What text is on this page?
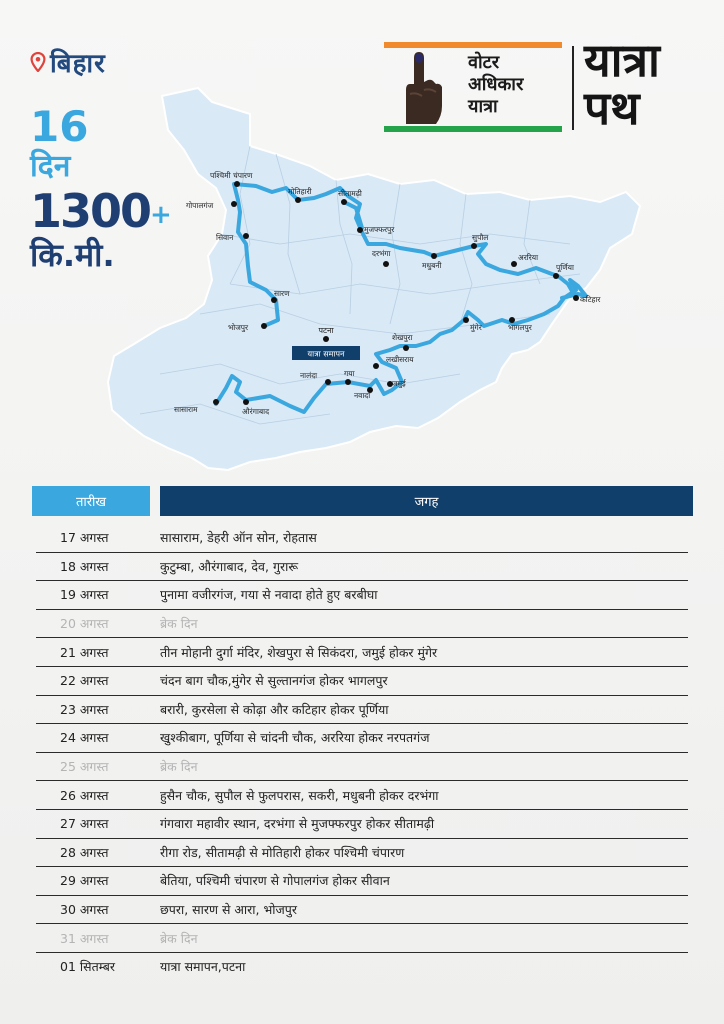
बिहार
16
दिन
1300+
कि.मी.
वोटर
अधिकार
यात्रा
यात्रा
पथ
यात्रा समापन
पटना
पश्चिमी चंपारण
गोपालगंज
मोतिहारी	सीतामढ़ी
सिवान
मुजफ्फरपुर
दरभंगा
सुपौल
मधुबनी
अररिया
पूर्णिया
कटिहार
सारण
भोजपुर
शेखपुरा
मुंगेर	भागलपुर
लखीसराय
नालंदा	गया
जमुई
नवादा
सासाराम	औरंगाबाद
तारीख	जगह
17 अगस्त	सासाराम, डेहरी ऑन सोन, रोहतास
18 अगस्त	कुटुम्बा, औरंगाबाद, देव, गुरारू
19 अगस्त	पुनामा वजीरगंज, गया से नवादा होते हुए बरबीघा
20 अगस्त	ब्रेक दिन
21 अगस्त	तीन मोहानी दुर्गा मंदिर, शेखपुरा से सिकंदरा, जमुई होकर मुंगेर
22 अगस्त	चंदन बाग चौक,मुंगेर से सुल्तानगंज होकर भागलपुर
23 अगस्त	बरारी, कुरसेला से कोढ़ा और कटिहार होकर पूर्णिया
24 अगस्त	खुश्कीबाग, पूर्णिया से चांदनी चौक, अररिया होकर नरपतगंज
25 अगस्त	ब्रेक दिन
26 अगस्त	हुसैन चौक, सुपौल से फुलपरास, सकरी, मधुबनी होकर दरभंगा
27 अगस्त	गंगवारा महावीर स्थान, दरभंगा से मुजफ्फरपुर होकर सीतामढ़ी
28 अगस्त	रीगा रोड, सीतामढ़ी से मोतिहारी होकर पश्चिमी चंपारण
29 अगस्त	बेतिया, पश्चिमी चंपारण से गोपालगंज होकर सीवान
30 अगस्त	छपरा, सारण से आरा, भोजपुर
31 अगस्त	ब्रेक दिन
01 सितम्बर	यात्रा समापन,पटना
